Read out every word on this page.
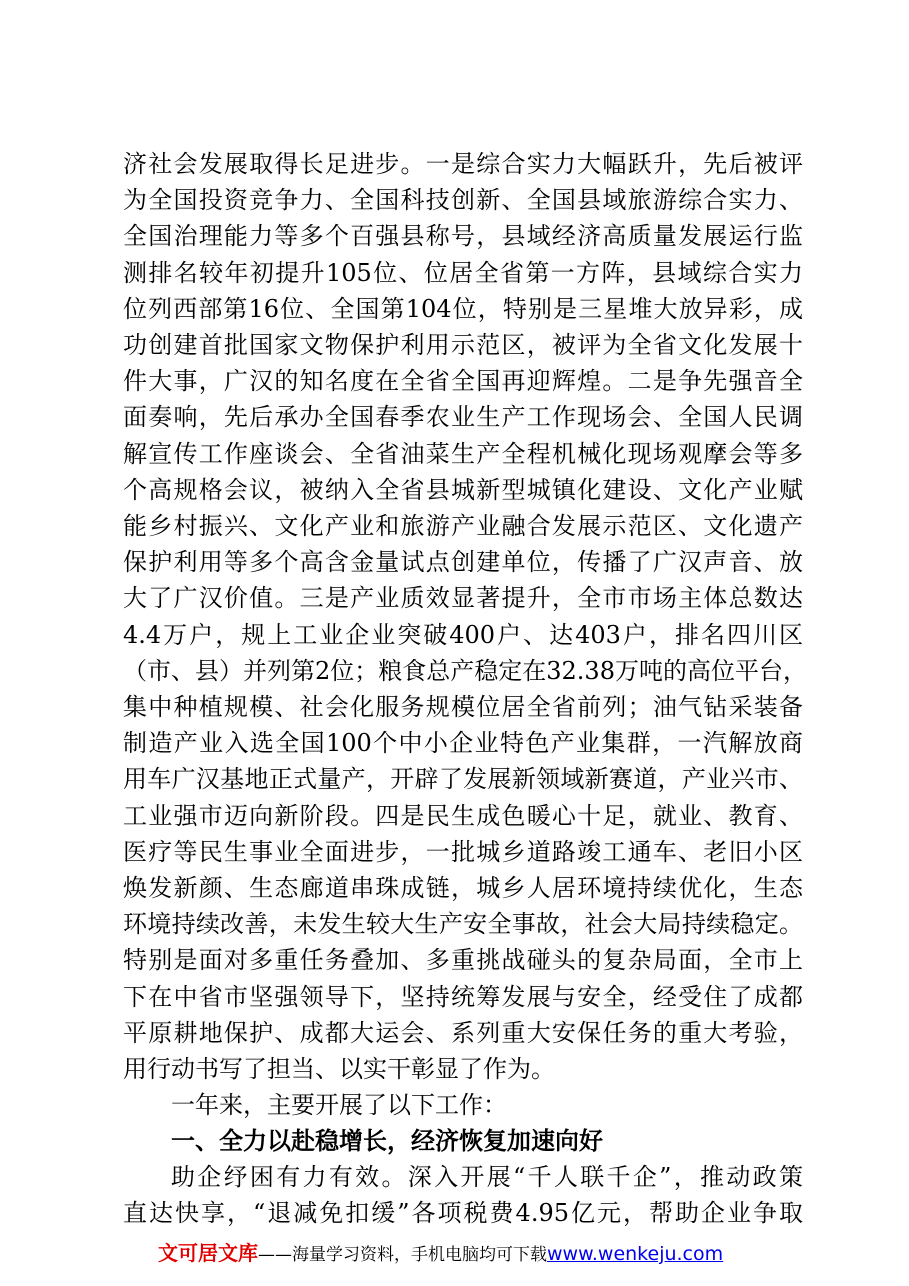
济社会发展取得长足进步。一是综合实力大幅跃升，先后被评
为全国投资竞争力、全国科技创新、全国县域旅游综合实力、
全国治理能力等多个百强县称号，县域经济高质量发展运行监
测排名较年初提升105位、位居全省第一方阵，县域综合实力
位列西部第16位、全国第104位，特别是三星堆大放异彩，成
功创建首批国家文物保护利用示范区，被评为全省文化发展十
件大事，广汉的知名度在全省全国再迎辉煌。二是争先强音全
面奏响，先后承办全国春季农业生产工作现场会、全国人民调
解宣传工作座谈会、全省油菜生产全程机械化现场观摩会等多
个高规格会议，被纳入全省县城新型城镇化建设、文化产业赋
能乡村振兴、文化产业和旅游产业融合发展示范区、文化遗产
保护利用等多个高含金量试点创建单位，传播了广汉声音、放
大了广汉价值。三是产业质效显著提升，全市市场主体总数达
4.4万户，规上工业企业突破400户、达403户，排名四川区
（市、县）并列第2位；粮食总产稳定在32.38万吨的高位平台，
集中种植规模、社会化服务规模位居全省前列；油气钻采装备
制造产业入选全国100个中小企业特色产业集群，一汽解放商
用车广汉基地正式量产，开辟了发展新领域新赛道，产业兴市、
工业强市迈向新阶段。四是民生成色暖心十足，就业、教育、
医疗等民生事业全面进步，一批城乡道路竣工通车、老旧小区
焕发新颜、生态廊道串珠成链，城乡人居环境持续优化，生态
环境持续改善，未发生较大生产安全事故，社会大局持续稳定。
特别是面对多重任务叠加、多重挑战碰头的复杂局面，全市上
下在中省市坚强领导下，坚持统筹发展与安全，经受住了成都
平原耕地保护、成都大运会、系列重大安保任务的重大考验，
用行动书写了担当、以实干彰显了作为。
一年来，主要开展了以下工作：
一、全力以赴稳增长，经济恢复加速向好
助企纾困有力有效。深入开展“千人联千企”，推动政策
直达快享，“退减免扣缓”各项税费4.95亿元，帮助企业争取
文可居文库——海量学习资料，手机电脑均可下载www.wenkeju.com
